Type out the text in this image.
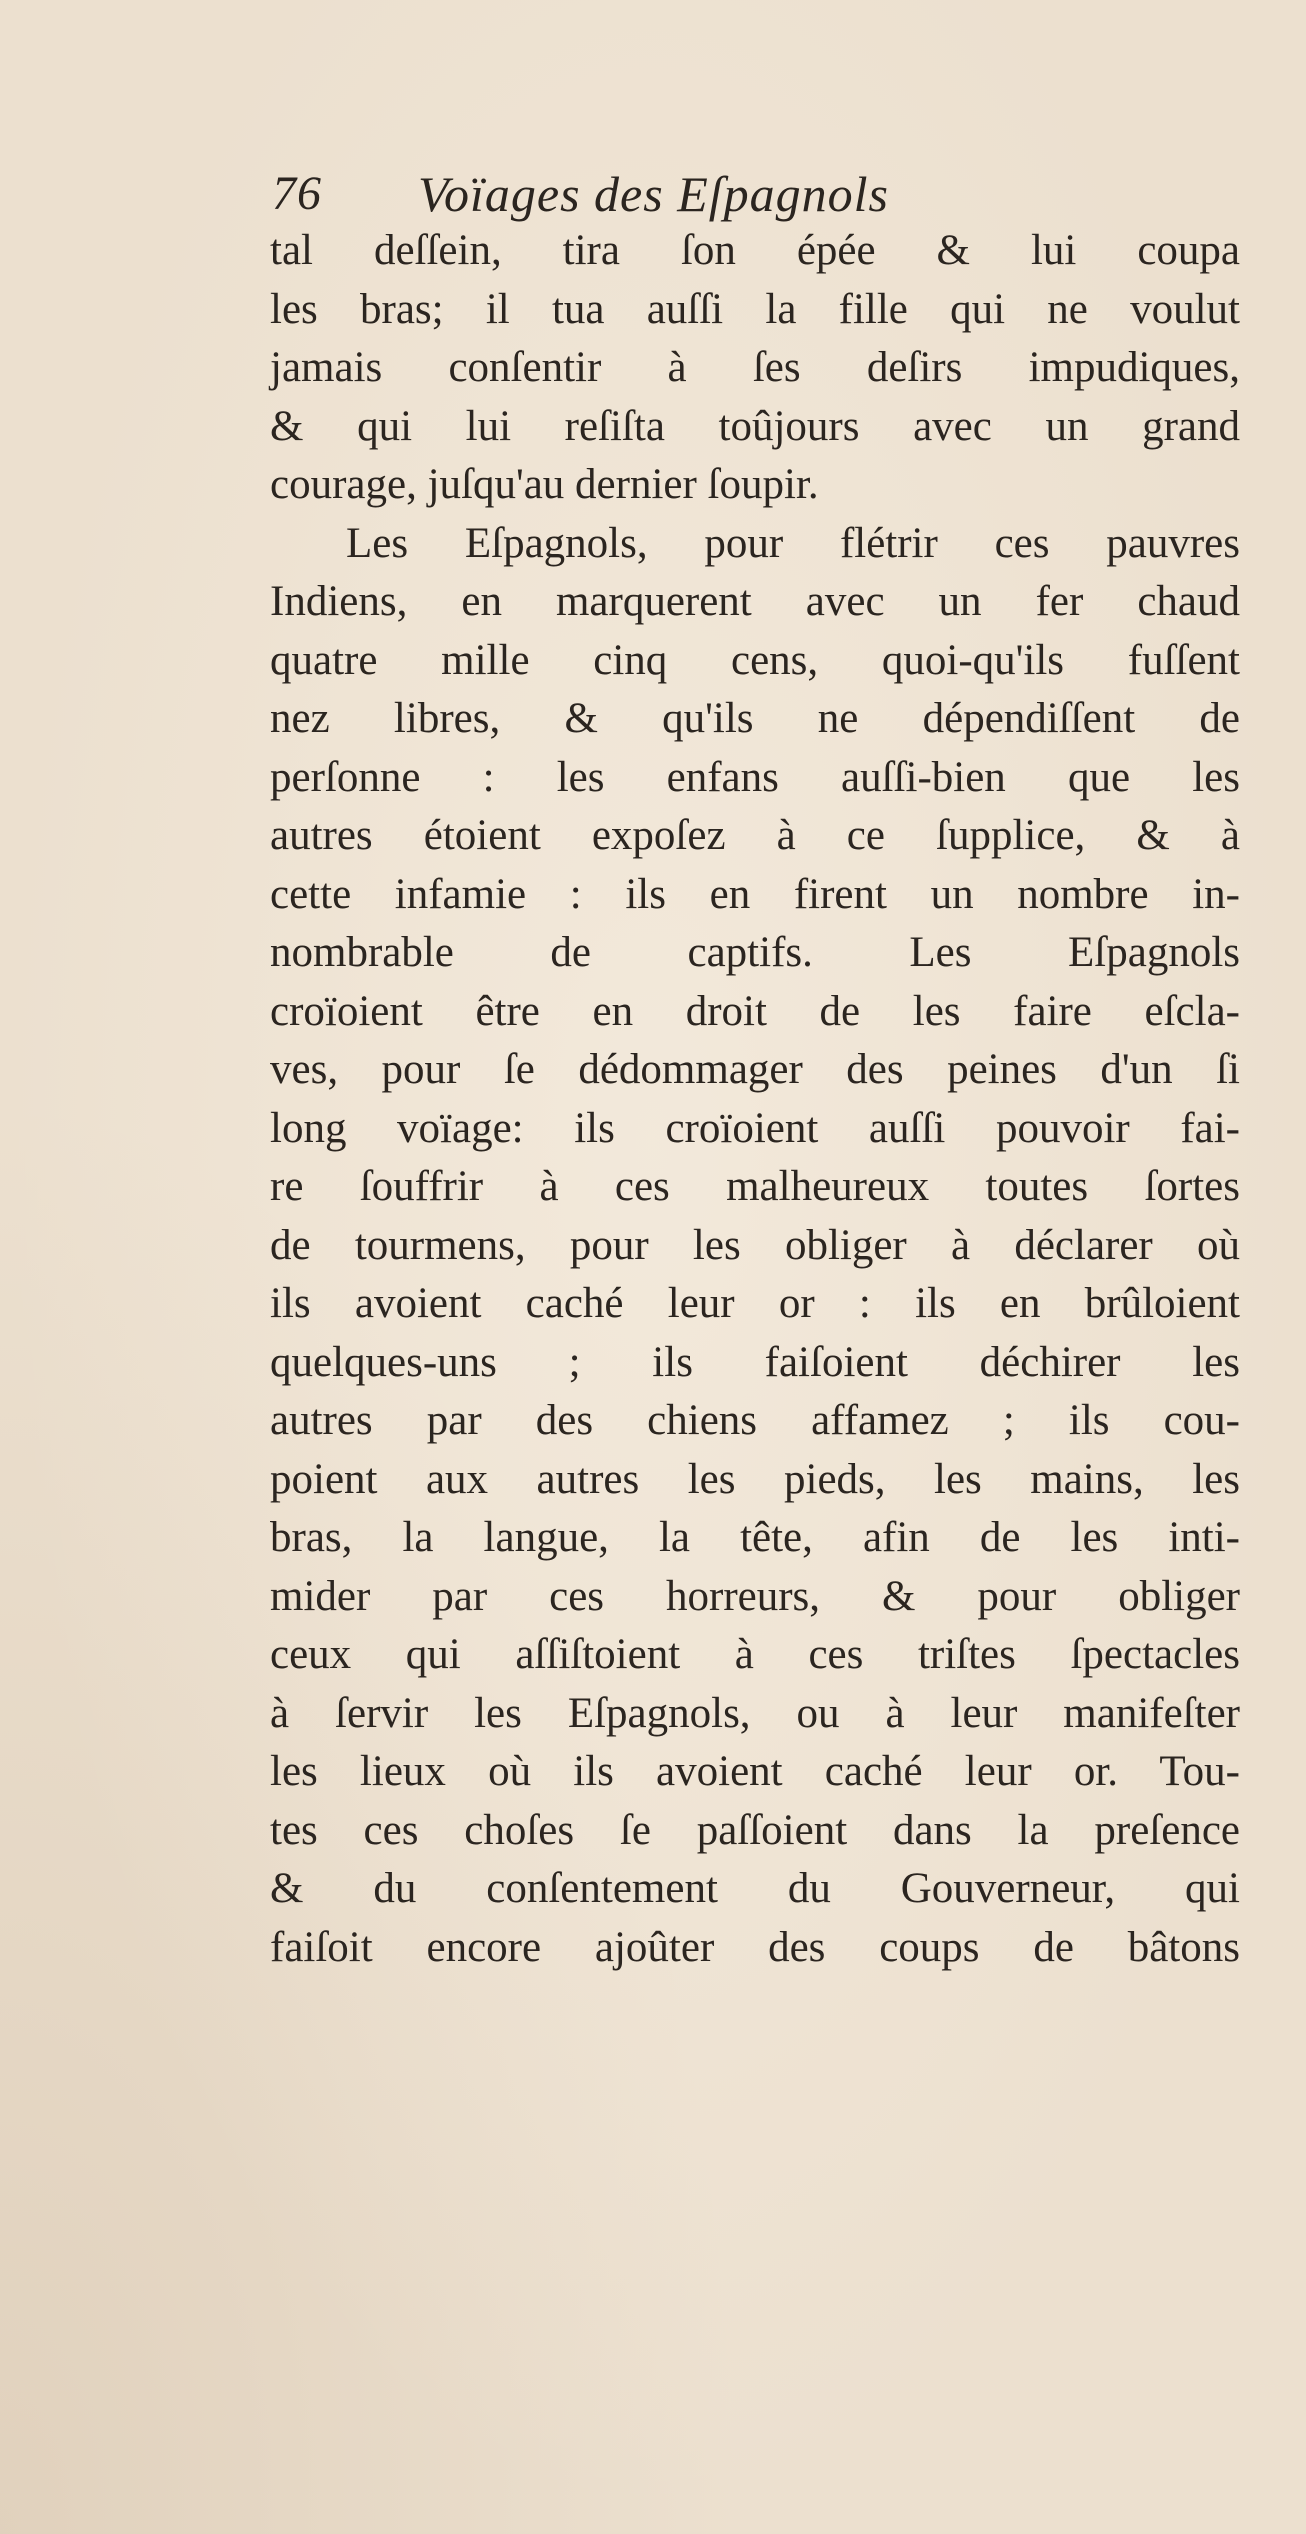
76 Voïages des Eſpagnols
tal deſſein, tira ſon épée & lui coupa
les bras; il tua auſſi la fille qui ne voulut
jamais conſentir à ſes deſirs impudiques,
& qui lui reſiſta toûjours avec un grand
courage, juſqu'au dernier ſoupir.
Les Eſpagnols, pour flétrir ces pauvres
Indiens, en marquerent avec un fer chaud
quatre mille cinq cens, quoi-qu'ils fuſſent
nez libres, & qu'ils ne dépendiſſent de
perſonne : les enfans auſſi-bien que les
autres étoient expoſez à ce ſupplice, & à
cette infamie : ils en firent un nombre in-
nombrable de captifs. Les Eſpagnols
croïoient être en droit de les faire eſcla-
ves, pour ſe dédommager des peines d'un ſi
long voïage: ils croïoient auſſi pouvoir fai-
re ſouffrir à ces malheureux toutes ſortes
de tourmens, pour les obliger à déclarer où
ils avoient caché leur or : ils en brûloient
quelques-uns ; ils faiſoient déchirer les
autres par des chiens affamez ; ils cou-
poient aux autres les pieds, les mains, les
bras, la langue, la tête, afin de les inti-
mider par ces horreurs, & pour obliger
ceux qui aſſiſtoient à ces triſtes ſpectacles
à ſervir les Eſpagnols, ou à leur manifeſter
les lieux où ils avoient caché leur or. Tou-
tes ces choſes ſe paſſoient dans la preſence
& du conſentement du Gouverneur, qui
faiſoit encore ajoûter des coups de bâtons
